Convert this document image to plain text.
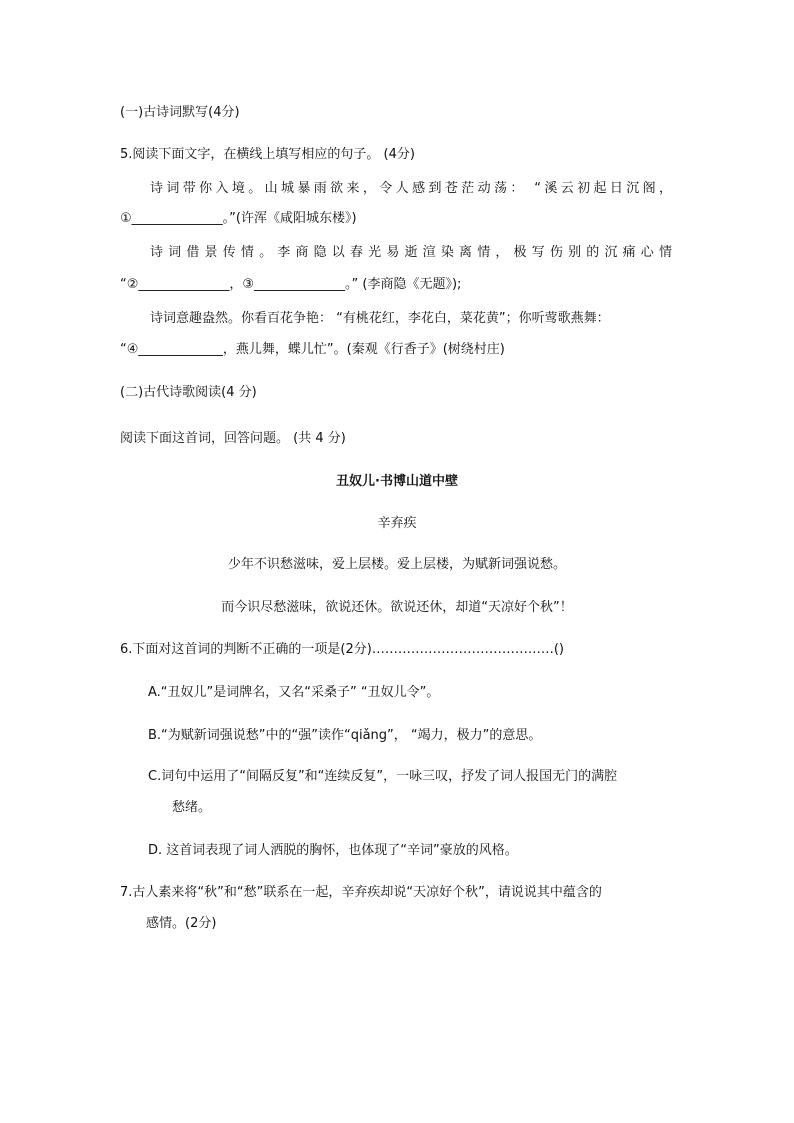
(一)古诗词默写(4分)
5.阅读下面文字，在横线上填写相应的句子。 (4分)
诗词带你入境。山城暴雨欲来，令人感到苍茫动荡： “溪云初起日沉阁，
①______________。”(许浑《咸阳城东楼》)
诗词借景传情。李商隐以春光易逝渲染离情，极写伤别的沉痛心情
“②______________，③______________。” (李商隐《无题》);
诗词意趣盎然。你看百花争艳： “有桃花红，李花白，菜花黄”；你听莺歌燕舞：
“④_____________，燕儿舞，蝶儿忙”。(秦观《行香子》(树绕村庄)
(二)古代诗歌阅读(4 分)
阅读下面这首词，回答问题。 (共 4 分)
丑奴儿·书博山道中壁
辛弃疾
少年不识愁滋味，爱上层楼。爱上层楼，为赋新词强说愁。
而今识尽愁滋味，欲说还休。欲说还休，却道“天凉好个秋”！
6.下面对这首词的判断不正确的一项是(2分)……………………………………()
A.“丑奴儿”是词牌名，又名“采桑子” “丑奴儿令”。
B.“为赋新词强说愁”中的“强”读作“qiǎng”， “竭力，极力”的意思。
C.词句中运用了“间隔反复”和“连续反复”，一咏三叹，抒发了词人报国无门的满腔
愁绪。
D. 这首词表现了词人洒脱的胸怀，也体现了“辛词”豪放的风格。
7.古人素来将“秋”和“愁”联系在一起，辛弃疾却说“天凉好个秋”，请说说其中蕴含的
感情。(2分)
